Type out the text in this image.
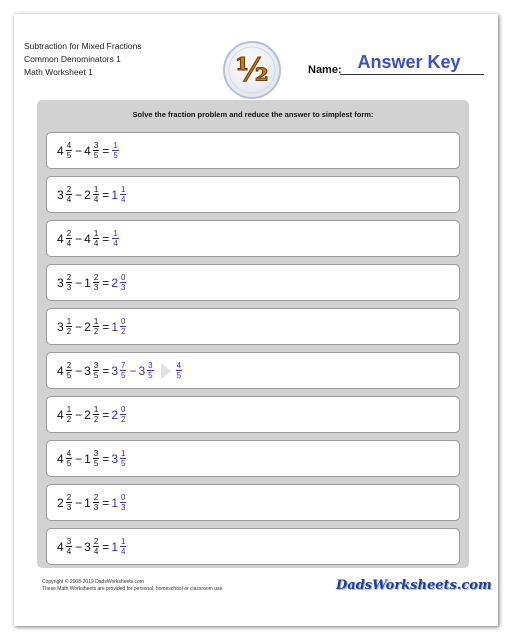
Subtraction for Mixed Fractions
Common Denominators 1
Math Worksheet 1	½	Answer Key
Name:
Solve the fraction problem and reduce the answer to simplest form:
$4 \frac{4}{5} - 4 \frac{3}{5} = \frac{1}{5}$
$3 \frac{2}{4} - 2 \frac{1}{4} = 1 \frac{1}{4}$
$4 \frac{2}{4} - 4 \frac{1}{4} = \frac{1}{4}$
$3 \frac{2}{3} - 1 \frac{2}{3} = 2 \frac{0}{3}$
$3 \frac{1}{2} - 2 \frac{1}{2} = 1 \frac{0}{2}$
$4 \frac{2}{5} - 3 \frac{3}{5} = 3 \frac{7}{5} - 3 \frac{3}{5}$	$\frac{4}{5}$
$4 \frac{1}{2} - 2 \frac{1}{2} = 2 \frac{0}{2}$
$4 \frac{4}{5} - 1 \frac{3}{5} = 3 \frac{1}{5}$
$2 \frac{2}{3} - 1 \frac{2}{3} = 1 \frac{0}{3}$
$4 \frac{3}{4} - 3 \frac{2}{4} = 1 \frac{1}{4}$
Copyright © 2008-2019 DadsWorksheets.com
These Math Worksheets are provided for personal, homeschool or classroom use.	DadsWorksheets.com
